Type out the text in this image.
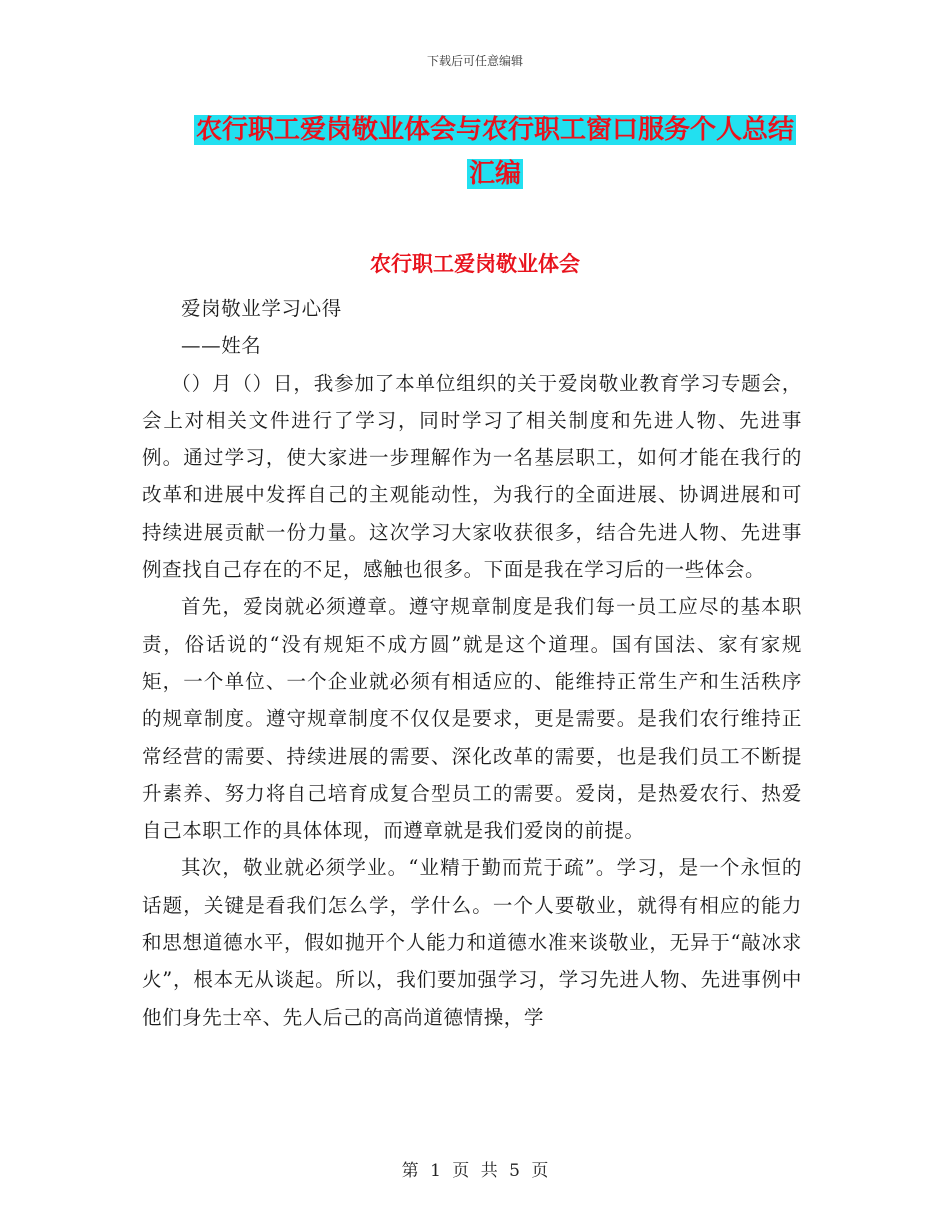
下载后可任意编辑
农行职工爱岗敬业体会与农行职工窗口服务个人总结
汇编
农行职工爱岗敬业体会

爱岗敬业学习心得

——姓名

（）月（）日，我参加了本单位组织的关于爱岗敬业教育学习专题会，会上对相关文件进行了学习，同时学习了相关制度和先进人物、先进事例。通过学习，使大家进一步理解作为一名基层职工，如何才能在我行的改革和进展中发挥自己的主观能动性，为我行的全面进展、协调进展和可持续进展贡献一份力量。这次学习大家收获很多，结合先进人物、先进事例查找自己存在的不足，感触也很多。下面是我在学习后的一些体会。

首先，爱岗就必须遵章。遵守规章制度是我们每一员工应尽的基本职责，俗话说的“没有规矩不成方圆”就是这个道理。国有国法、家有家规矩，一个单位、一个企业就必须有相适应的、能维持正常生产和生活秩序的规章制度。遵守规章制度不仅仅是要求，更是需要。是我们农行维持正常经营的需要、持续进展的需要、深化改革的需要，也是我们员工不断提升素养、努力将自己培育成复合型员工的需要。爱岗，是热爱农行、热爱自己本职工作的具体体现，而遵章就是我们爱岗的前提。

其次，敬业就必须学业。“业精于勤而荒于疏”。学习，是一个永恒的话题，关键是看我们怎么学，学什么。一个人要敬业，就得有相应的能力和思想道德水平，假如抛开个人能力和道德水准来谈敬业，无异于“敲冰求火”，根本无从谈起。所以，我们要加强学习，学习先进人物、先进事例中他们身先士卒、先人后己的高尚道德情操，学

第 1 页 共 5 页
